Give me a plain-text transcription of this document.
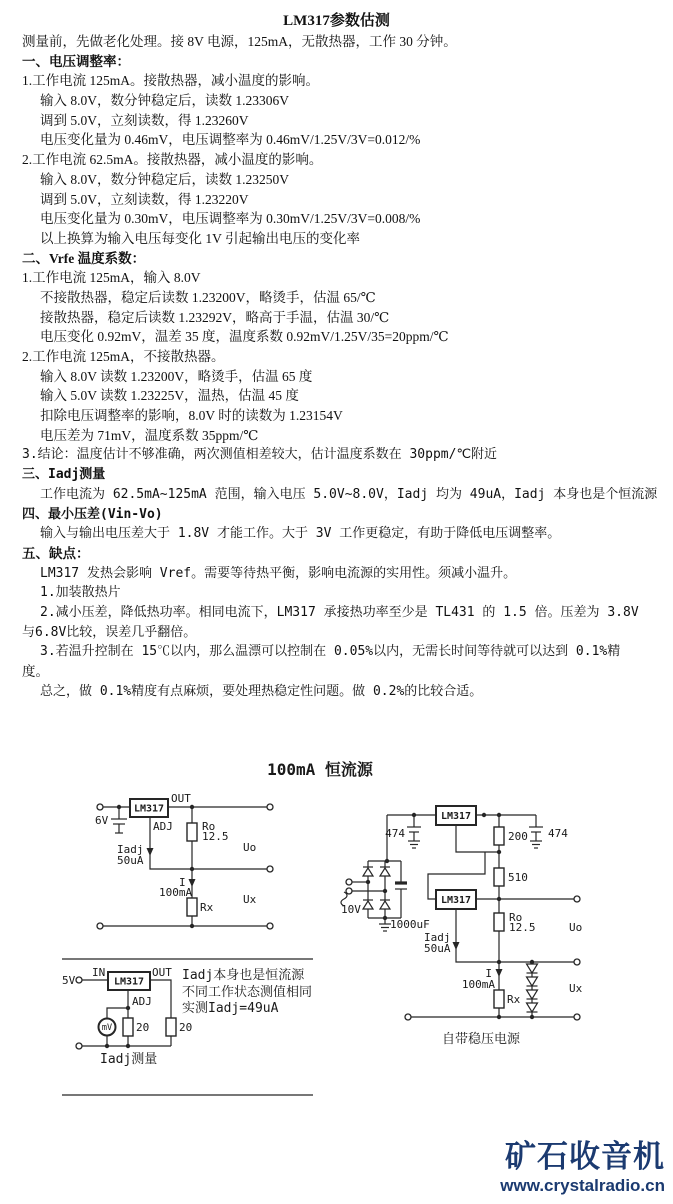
LM317参数估测
测量前，先做老化处理。接 8V 电源，125mA，无散热器，工作 30 分钟。
一、电压调整率：
1.工作电流 125mA。接散热器，减小温度的影响。
输入 8.0V，数分钟稳定后，读数 1.23306V
调到 5.0V，立刻读数，得 1.23260V
电压变化量为 0.46mV，电压调整率为 0.46mV/1.25V/3V=0.012/%
2.工作电流 62.5mA。接散热器，减小温度的影响。
输入 8.0V，数分钟稳定后，读数 1.23250V
调到 5.0V，立刻读数，得 1.23220V
电压变化量为 0.30mV，电压调整率为 0.30mV/1.25V/3V=0.008/%
以上换算为输入电压每变化 1V 引起输出电压的变化率
二、Vrfe 温度系数：
1.工作电流 125mA，输入 8.0V
不接散热器，稳定后读数 1.23200V，略烫手，估温 65/℃
接散热器，稳定后读数 1.23292V，略高于手温，估温 30/℃
电压变化 0.92mV，温差 35 度，温度系数 0.92mV/1.25V/35=20ppm/℃
2.工作电流 125mA，不接散热器。
输入 8.0V 读数 1.23200V，略烫手，估温 65 度
输入 5.0V 读数 1.23225V，温热，估温 45 度
扣除电压调整率的影响，8.0V 时的读数为 1.23154V
电压差为 71mV，温度系数 35ppm/℃
3.结论：温度估计不够准确，两次测值相差较大，估计温度系数在 30ppm/℃附近
三、Iadj测量
工作电流为 62.5mA~125mA 范围，输入电压 5.0V~8.0V，Iadj 均为 49uA，Iadj 本身也是个恒流源
四、最小压差(Vin-Vo)
输入与输出电压差大于 1.8V 才能工作。大于 3V 工作更稳定，有助于降低电压调整率。
五、缺点：
LM317 发热会影响 Vref。需要等待热平衡，影响电流源的实用性。须减小温升。
1.加装散热片
2.减小压差，降低热功率。相同电流下，LM317 承接热功率至少是 TL431 的 1.5 倍。压差为 3.8V
与6.8V比较，误差几乎翻倍。
3.若温升控制在 15℃以内，那么温漂可以控制在 0.05%以内，无需长时间等待就可以达到 0.1%精
度。
总之，做 0.1%精度有点麻烦，要处理热稳定性问题。做 0.2%的比较合适。
100mA 恒流源
LM317
OUT
6V	ADJ
Iadj
50uA
Ro
12.5
Uo
I
100mA
Rx
Ux
5V
IN
LM317
OUT
ADJ
mV 20	20
Iadj测量
Iadj本身也是恒流源
不同工作状态测值相同
实测Iadj=49uA
LM317
LM317
474	474
200
510
Ro
12.5
10V
1000uF
Iadj
50uA
I
100mA
Rx
Uo
Ux
自带稳压电源
矿石收音机
www.crystalradio.cn
